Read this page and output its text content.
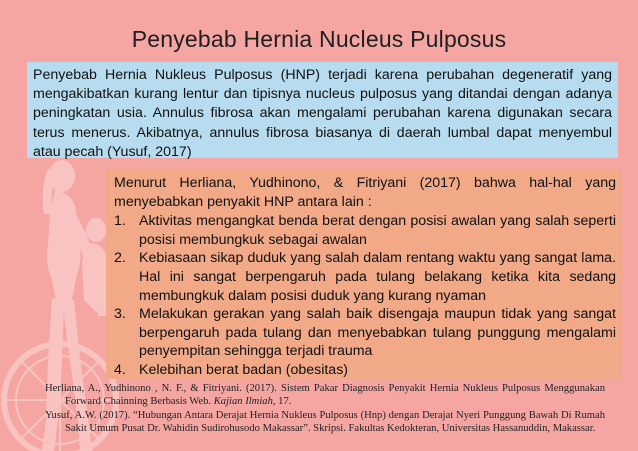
Penyebab Hernia Nucleus Pulposus
Penyebab Hernia Nukleus Pulposus (HNP) terjadi karena perubahan degeneratif yang mengakibatkan kurang lentur dan tipisnya nucleus pulposus yang ditandai dengan adanya peningkatan usia. Annulus fibrosa akan mengalami perubahan karena digunakan secara terus menerus. Akibatnya, annulus fibrosa biasanya di daerah lumbal dapat menyembul atau pecah (Yusuf, 2017)

Menurut Herliana, Yudhinono, & Fitriyani (2017) bahwa hal-hal yang menyebabkan penyakit HNP antara lain :

1. Aktivitas mengangkat benda berat dengan posisi awalan yang salah seperti posisi membungkuk sebagai awalan
2. Kebiasaan sikap duduk yang salah dalam rentang waktu yang sangat lama. Hal ini sangat berpengaruh pada tulang belakang ketika kita sedang membungkuk dalam posisi duduk yang kurang nyaman
3. Melakukan gerakan yang salah baik disengaja maupun tidak yang sangat berpengaruh pada tulang dan menyebabkan tulang punggung mengalami penyempitan sehingga terjadi trauma
4. Kelebihan berat badan (obesitas)
Herliana, A., Yudhinono , N. F., & Fitriyani. (2017). Sistem Pakar Diagnosis Penyakit Hernia Nukleus Pulposus Menggunakan Forward Chainning Berbasis Web. Kajian Ilmiah, 17.
Yusuf, A.W. (2017). “Hubungan Antara Derajat Hernia Nukleus Pulposus (Hnp) dengan Derajat Nyeri Punggung Bawah Di Rumah Sakit Umum Pusat Dr. Wahidin Sudirohusodo Makassar”. Skripsi. Fakultas Kedokteran, Universitas Hassanuddin, Makassar.
